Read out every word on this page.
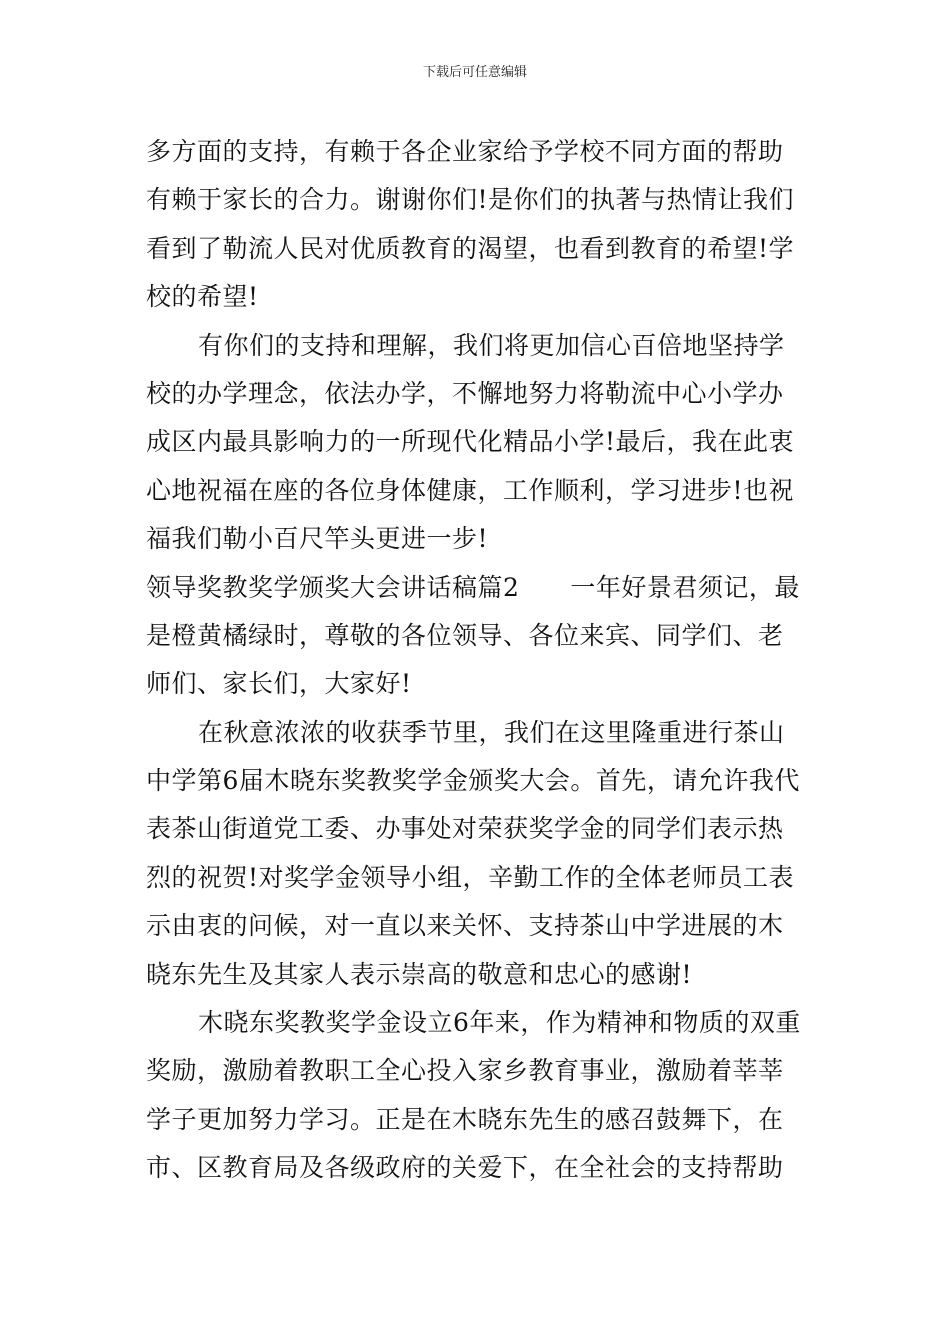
下载后可任意编辑
多方面的支持，有赖于各企业家给予学校不同方面的帮助
有赖于家长的合力。谢谢你们!是你们的执著与热情让我们
看到了勒流人民对优质教育的渴望，也看到教育的希望!学
校的希望!
有你们的支持和理解，我们将更加信心百倍地坚持学
校的办学理念，依法办学，不懈地努力将勒流中心小学办
成区内最具影响力的一所现代化精品小学!最后，我在此衷
心地祝福在座的各位身体健康，工作顺利，学习进步!也祝
福我们勒小百尺竿头更进一步!
领导奖教奖学颁奖大会讲话稿篇2　　一年好景君须记，最
是橙黄橘绿时，尊敬的各位领导、各位来宾、同学们、老
师们、家长们，大家好!
在秋意浓浓的收获季节里，我们在这里隆重进行茶山
中学第6届木晓东奖教奖学金颁奖大会。首先，请允许我代
表茶山街道党工委、办事处对荣获奖学金的同学们表示热
烈的祝贺!对奖学金领导小组，辛勤工作的全体老师员工表
示由衷的问候，对一直以来关怀、支持茶山中学进展的木
晓东先生及其家人表示崇高的敬意和忠心的感谢!
木晓东奖教奖学金设立6年来，作为精神和物质的双重
奖励，激励着教职工全心投入家乡教育事业，激励着莘莘
学子更加努力学习。正是在木晓东先生的感召鼓舞下，在
市、区教育局及各级政府的关爱下，在全社会的支持帮助
